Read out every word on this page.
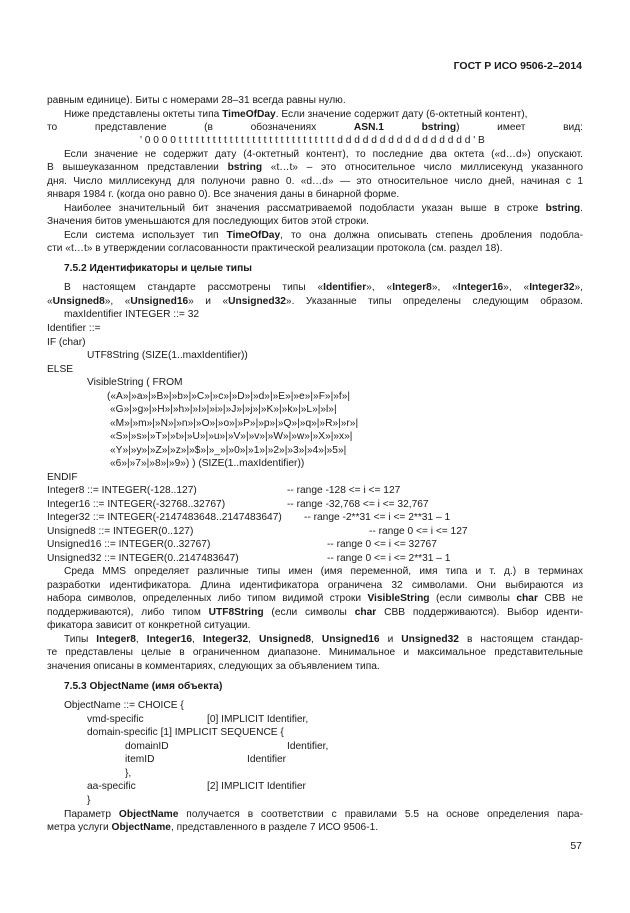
ГОСТ Р ИСО 9506-2–2014
равным единице). Биты с номерами 28–31 всегда равны нулю.
Ниже представлены октеты типа TimeOfDay. Если значение содержит дату (6-октетный контент),
то представление (в обозначениях ASN.1 bstring) имеет вид:
' 0 0 0 0 t t t t t t t t t t t t t t t t t t t t t t t t t t t t d d d d d d d d d d d d d d d d ' B
Если значение не содержит дату (4-октетный контент), то последние два октета («d…d») опускают.
В вышеуказанном представлении bstring «t…t» – это относительное число миллисекунд указанного
дня. Число миллисекунд для полуночи равно 0. «d…d» — это относительное число дней, начиная с 1
января 1984 г. (когда оно равно 0). Все значения даны в бинарной форме.
Наиболее значительный бит значения рассматриваемой подобласти указан выше в строке bstring.
Значения битов уменьшаются для последующих битов этой строки.
Если система использует тип TimeOfDay, то она должна описывать степень дробления подобла-
сти «t…t» в утверждении согласованности практической реализации протокола (см. раздел 18).
7.5.2 Идентификаторы и целые типы
В настоящем стандарте рассмотрены типы «Identifier», «Integer8», «Integer16», «Integer32»,
«Unsigned8», «Unsigned16» и «Unsigned32». Указанные типы определены следующим образом.
maxIdentifier INTEGER ::= 32
Identifier ::=
IF (char)
UTF8String (SIZE(1..maxIdentifier))
ELSE
VisibleString ( FROM
(«A»|»a»|»B»|»b»|»C»|»c»|»D»|»d»|»E»|»e»|»F»|»f»|
«G»|»g»|»H»|»h»|»I»|»i»|»J»|»j»|»K»|»k»|»L»|»l»|
«M»|»m»|»N»|»n»|»O»|»o»|»P»|»p»|»Q»|»q»|»R»|»r»|
«S»|»s»|»T»|»t»|»U»|»u»|»V»|»v»|»W»|»w»|»X»|»x»|
«Y»|»y»|»Z»|»z»|»$»|»_»|»0»|»1»|»2»|»3»|»4»|»5»|
«6»|»7»|»8»|»9») ) (SIZE(1..maxIdentifier))
ENDIF
Integer8 ::= INTEGER(-128..127)	-- range -128 <= i <= 127
Integer16 ::= INTEGER(-32768..32767)	-- range -32,768 <= i <= 32,767
Integer32 ::= INTEGER(-2147483648..2147483647) -- range -2**31 <= i <= 2**31 – 1
Unsigned8 ::= INTEGER(0..127)	-- range 0 <= i <= 127
Unsigned16 ::= INTEGER(0..32767)	-- range 0 <= i <= 32767
Unsigned32 ::= INTEGER(0..2147483647)	-- range 0 <= i <= 2**31 – 1
Среда MMS определяет различные типы имен (имя переменной, имя типа и т. д.) в терминах
разработки идентификатора. Длина идентификатора ограничена 32 символами. Они выбираются из
набора символов, определенных либо типом видимой строки VisibleString (если символы char CBB не
поддерживаются), либо типом UTF8String (если символы char CBB поддерживаются). Выбор иденти-
фикатора зависит от конкретной ситуации.
Типы Integer8, Integer16, Integer32, Unsigned8, Unsigned16 и Unsigned32 в настоящем стандар-
те представлены целые в ограниченном диапазоне. Минимальное и максимальное представительные
значения описаны в комментариях, следующих за объявлением типа.
7.5.3 ObjectName (имя объекта)
ObjectName ::= CHOICE {
vmd-specific	[0] IMPLICIT Identifier,
domain-specific [1] IMPLICIT SEQUENCE {
domainID	Identifier,
itemID	Identifier
},
aa-specific	[2] IMPLICIT Identifier
}
Параметр ObjectName получается в соответствии с правилами 5.5 на основе определения пара-
метра услуги ObjectName, представленного в разделе 7 ИСО 9506-1.
57
